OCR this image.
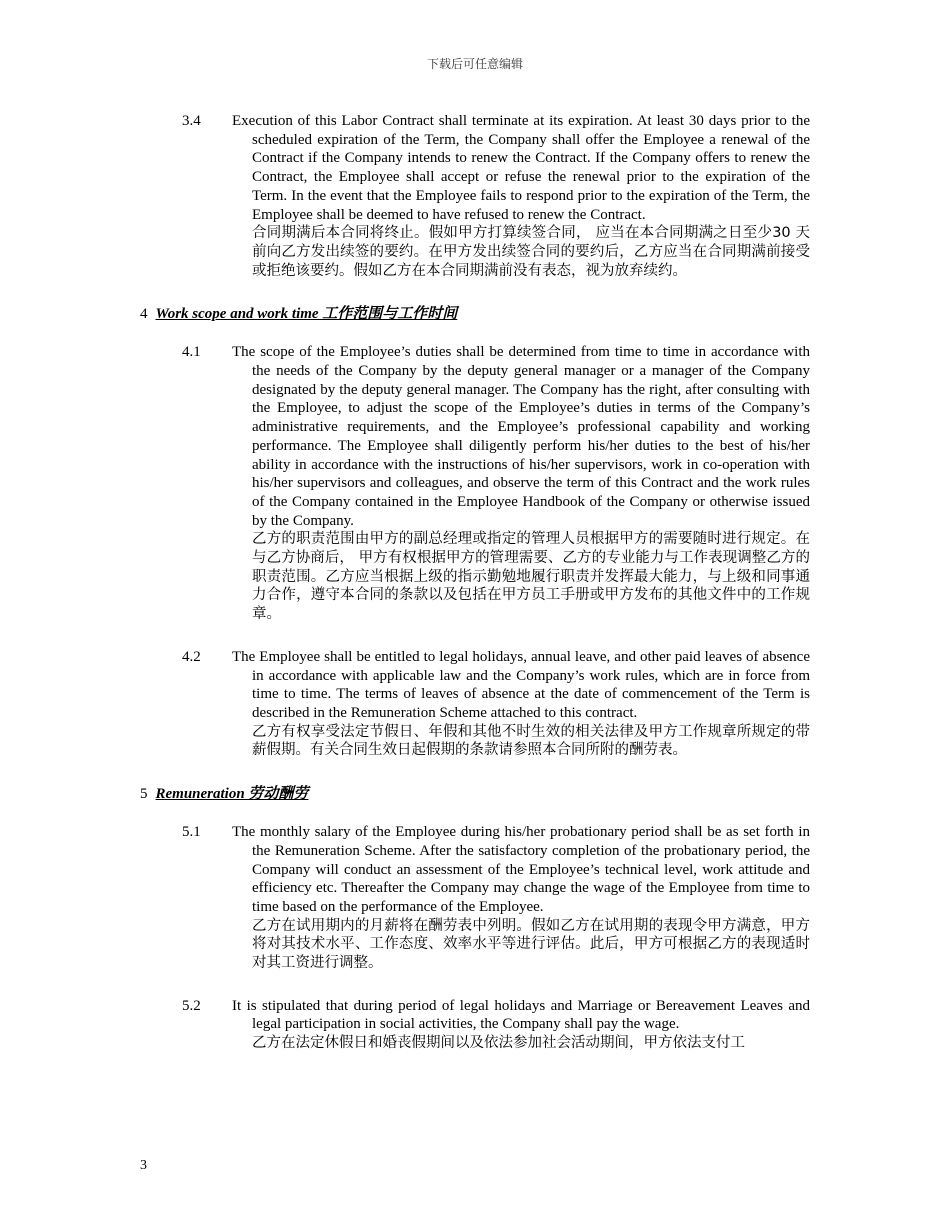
下载后可任意编辑
3.4 Execution of this Labor Contract shall terminate at its expiration. At least 30 days prior to the scheduled expiration of the Term, the Company shall offer the Employee a renewal of the Contract if the Company intends to renew the Contract. If the Company offers to renew the Contract, the Employee shall accept or refuse the renewal prior to the expiration of the Term. In the event that the Employee fails to respond prior to the expiration of the Term, the Employee shall be deemed to have refused to renew the Contract.
合同期满后本合同将终止。假如甲方打算续签合同， 应当在本合同期满之日至少30 天前向乙方发出续签的要约。在甲方发出续签合同的要约后，乙方应当在合同期满前接受或拒绝该要约。假如乙方在本合同期满前没有表态，视为放弃续约。
4 Work scope and work time 工作范围与工作时间
4.1 The scope of the Employee’s duties shall be determined from time to time in accordance with the needs of the Company by the deputy general manager or a manager of the Company designated by the deputy general manager. The Company has the right, after consulting with the Employee, to adjust the scope of the Employee’s duties in terms of the Company’s administrative requirements, and the Employee’s professional capability and working performance. The Employee shall diligently perform his/her duties to the best of his/her ability in accordance with the instructions of his/her supervisors, work in co-operation with his/her supervisors and colleagues, and observe the term of this Contract and the work rules of the Company contained in the Employee Handbook of the Company or otherwise issued by the Company.
乙方的职责范围由甲方的副总经理或指定的管理人员根据甲方的需要随时进行规定。在与乙方协商后， 甲方有权根据甲方的管理需要、乙方的专业能力与工作表现调整乙方的职责范围。乙方应当根据上级的指示勤勉地履行职责并发挥最大能力，与上级和同事通力合作，遵守本合同的条款以及包括在甲方员工手册或甲方发布的其他文件中的工作规章。
4.2 The Employee shall be entitled to legal holidays, annual leave, and other paid leaves of absence in accordance with applicable law and the Company’s work rules, which are in force from time to time. The terms of leaves of absence at the date of commencement of the Term is described in the Remuneration Scheme attached to this contract.
乙方有权享受法定节假日、年假和其他不时生效的相关法律及甲方工作规章所规定的带薪假期。有关合同生效日起假期的条款请参照本合同所附的酬劳表。
5 Remuneration 劳动酬劳
5.1 The monthly salary of the Employee during his/her probationary period shall be as set forth in the Remuneration Scheme. After the satisfactory completion of the probationary period, the Company will conduct an assessment of the Employee’s technical level, work attitude and efficiency etc. Thereafter the Company may change the wage of the Employee from time to time based on the performance of the Employee.
乙方在试用期内的月薪将在酬劳表中列明。假如乙方在试用期的表现令甲方满意，甲方将对其技术水平、工作态度、效率水平等进行评估。此后，甲方可根据乙方的表现适时对其工资进行调整。
5.2 It is stipulated that during period of legal holidays and Marriage or Bereavement Leaves and legal participation in social activities, the Company shall pay the wage.
乙方在法定休假日和婚丧假期间以及依法参加社会活动期间，甲方依法支付工
3
